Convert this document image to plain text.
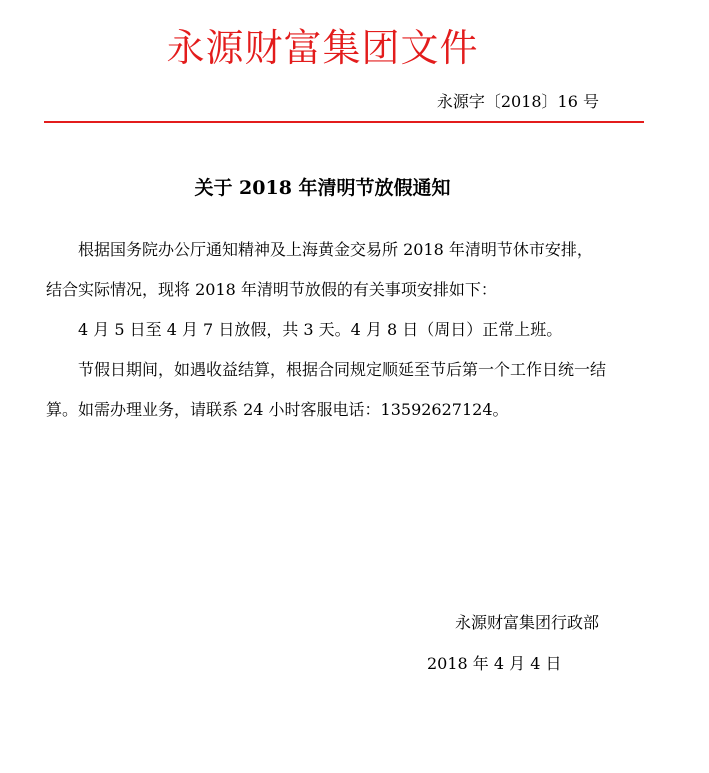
永源财富集团文件
永源字〔2018〕16 号
关于 2018 年清明节放假通知

根据国务院办公厅通知精神及上海黄金交易所 2018 年清明节休市安排，结合实际情况，现将 2018 年清明节放假的有关事项安排如下：

4 月 5 日至 4 月 7 日放假，共 3 天。4 月 8 日（周日）正常上班。

节假日期间，如遇收益结算，根据合同规定顺延至节后第一个工作日统一结算。如需办理业务，请联系 24 小时客服电话：13592627124。

永源财富集团行政部
2018 年 4 月 4 日
